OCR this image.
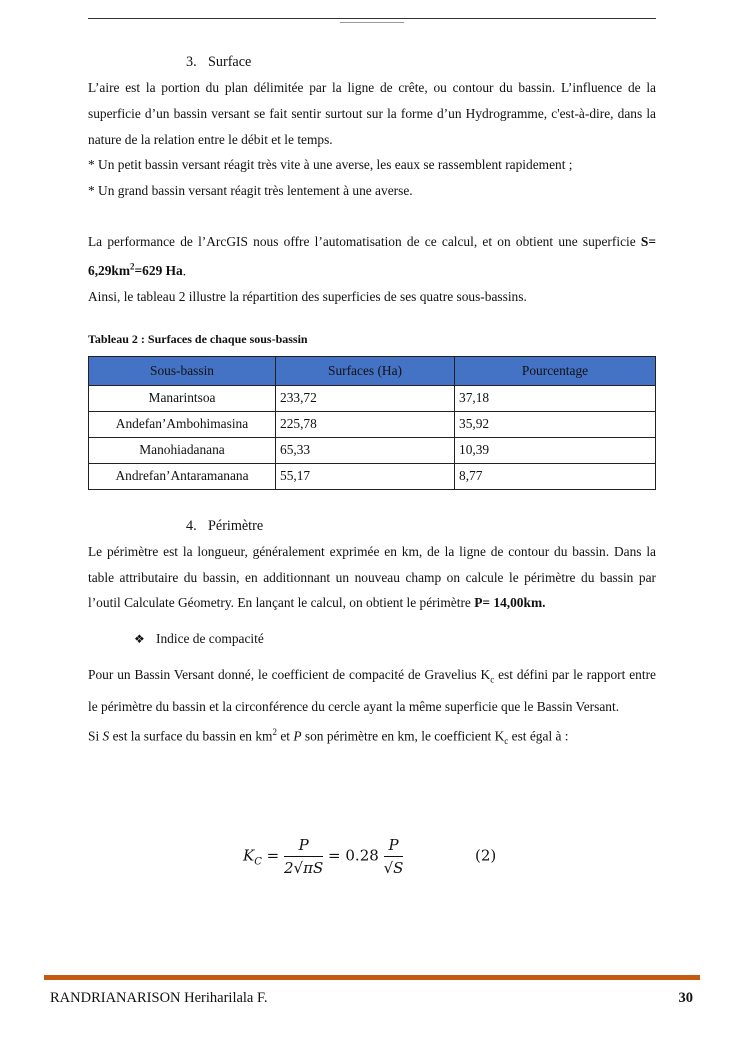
3. Surface

L’aire est la portion du plan délimitée par la ligne de crête, ou contour du bassin. L’influence de la superficie d’un bassin versant se fait sentir surtout sur la forme d’un Hydrogramme, c'est-à-dire, dans la nature de la relation entre le débit et le temps.

* Un petit bassin versant réagit très vite à une averse, les eaux se rassemblent rapidement ;

* Un grand bassin versant réagit très lentement à une averse.

La performance de l’ArcGIS nous offre l’automatisation de ce calcul, et on obtient une superficie $S= 6,29km^2=629$ Ha.

Ainsi, le tableau 2 illustre la répartition des superficies de ses quatre sous-bassins.

Tableau 2 : Surfaces de chaque sous-bassin
Sous-bassin	Surfaces (Ha)	Pourcentage
Manarintsoa	233,72	37,18
Andefan’Ambohimasina	225,78	35,92
Manohiadanana	65,33	10,39
Andrefan’Antaramanana	55,17	8,77
4. Périmètre

Le périmètre est la longueur, généralement exprimée en km, de la ligne de contour du bassin. Dans la table attributaire du bassin, en additionnant un nouveau champ on calcule le périmètre du bassin par l’outil Calculate Géometry. En lançant le calcul, on obtient le périmètre P= 14,00km.

❖ Indice de compacité

Pour un Bassin Versant donné, le coefficient de compacité de Gravelius $K_c$ est défini par le rapport entre le périmètre du bassin et la circonférence du cercle ayant la même superficie que le Bassin Versant.

Si S est la surface du bassin en $km^2$ et P son périmètre en km, le coefficient $K_c$ est égal à :

$K_C = \frac{P}{2√\pi S} = 0.28 \frac{P}{√S}$	(2)
RANDRIANARISON Heriharilala F.	30
